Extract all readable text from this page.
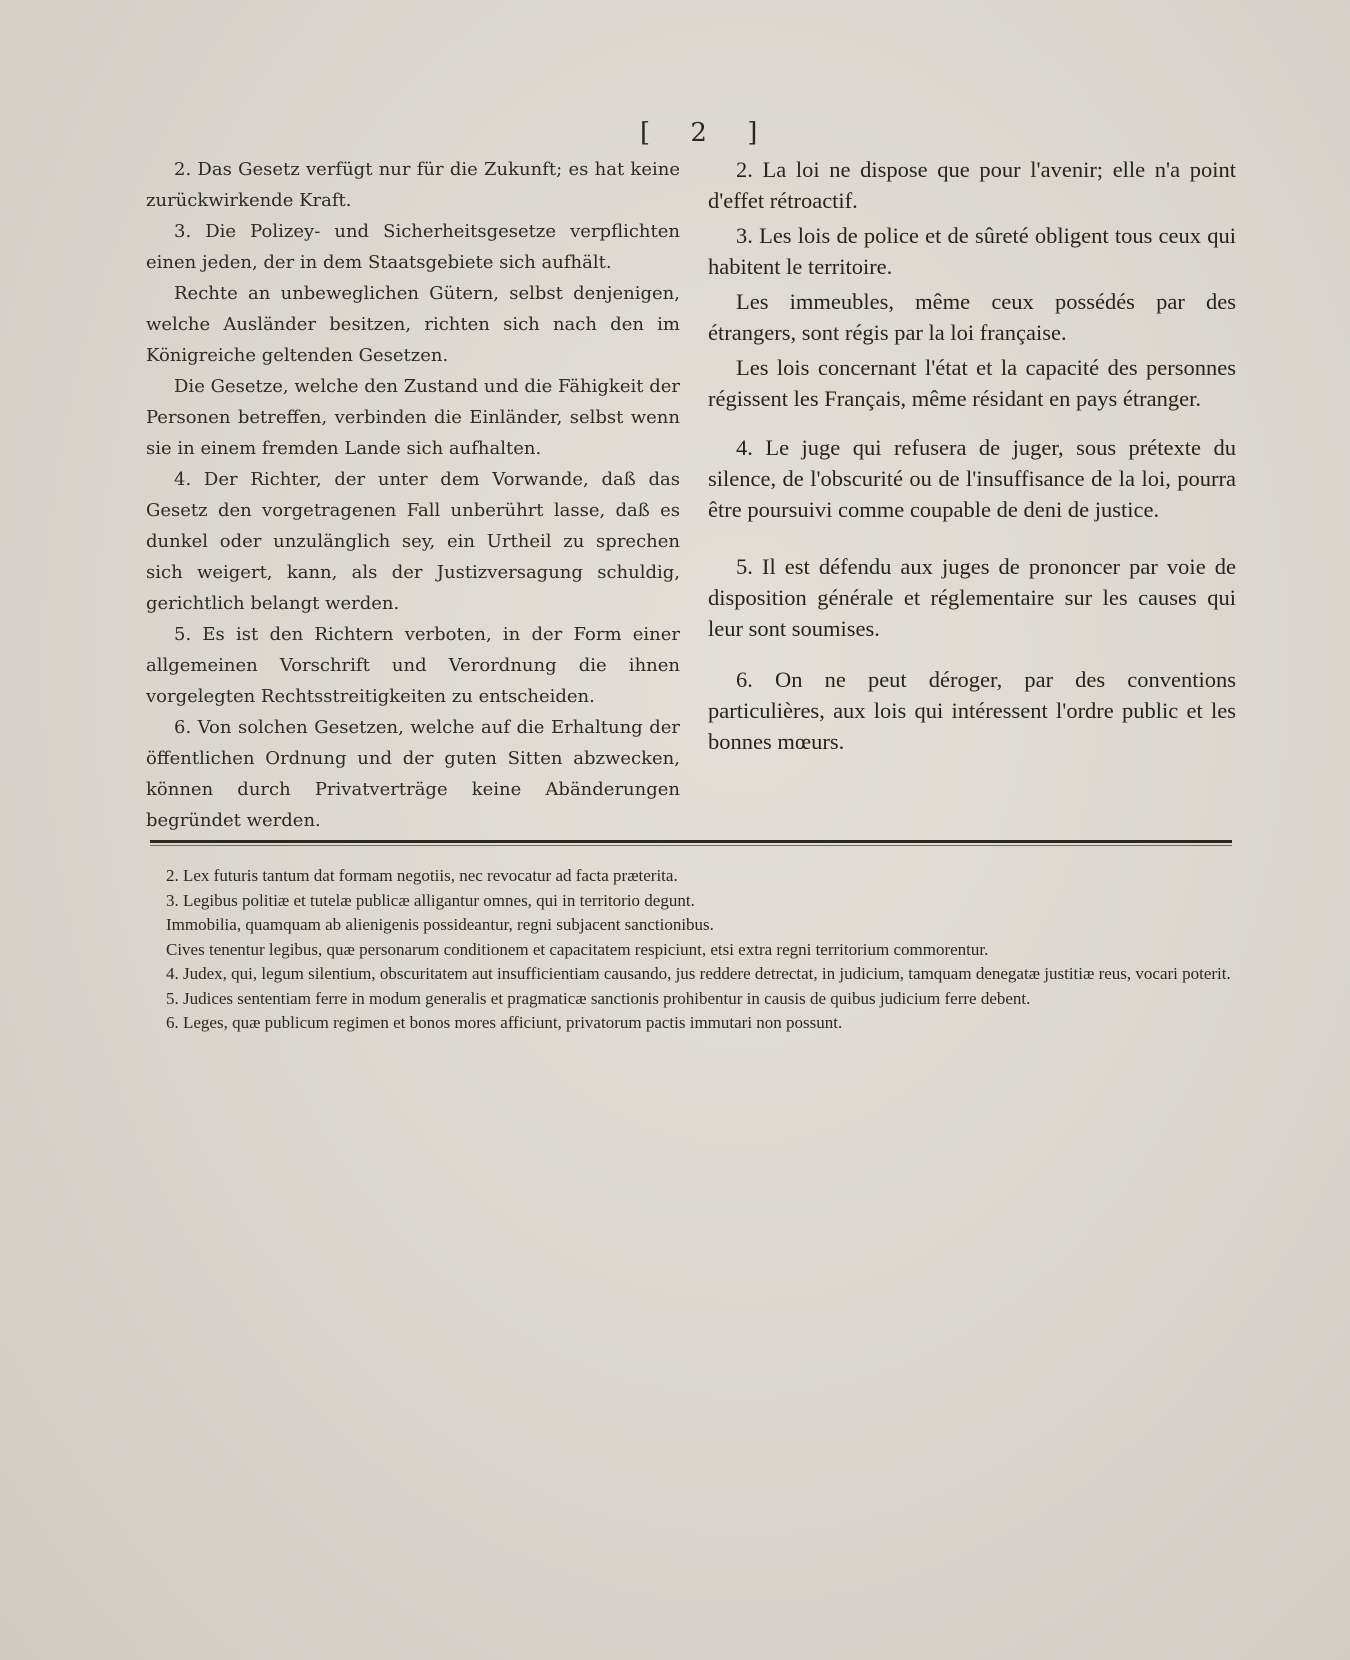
[ 2 ]

2. Das Gesetz verfügt nur für die Zukunft; es hat keine zurückwirkende Kraft.

3. Die Polizey- und Sicherheitsgesetze verpflichten einen jeden, der in dem Staatsgebiete sich aufhält.

Rechte an unbeweglichen Gütern, selbst denjenigen, welche Ausländer besitzen, richten sich nach den im Königreiche geltenden Gesetzen.

Die Gesetze, welche den Zustand und die Fähigkeit der Personen betreffen, verbinden die Einländer, selbst wenn sie in einem fremden Lande sich aufhalten.

4. Der Richter, der unter dem Vorwande, daß das Gesetz den vorgetragenen Fall unberührt lasse, daß es dunkel oder unzulänglich sey, ein Urtheil zu sprechen sich weigert, kann, als der Justizversagung schuldig, gerichtlich belangt werden.

5. Es ist den Richtern verboten, in der Form einer allgemeinen Vorschrift und Verordnung die ihnen vorgelegten Rechtsstreitigkeiten zu entscheiden.

6. Von solchen Gesetzen, welche auf die Erhaltung der öffentlichen Ordnung und der guten Sitten abzwecken, können durch Privatverträge keine Abänderungen begründet werden.

2. La loi ne dispose que pour l'avenir; elle n'a point d'effet rétroactif.

3. Les lois de police et de sûreté obligent tous ceux qui habitent le territoire.

Les immeubles, même ceux possédés par des étrangers, sont régis par la loi française.

Les lois concernant l'état et la capacité des personnes régissent les Français, même résidant en pays étranger.

4. Le juge qui refusera de juger, sous prétexte du silence, de l'obscurité ou de l'insuffisance de la loi, pourra être poursuivi comme coupable de deni de justice.

5. Il est défendu aux juges de prononcer par voie de disposition générale et réglementaire sur les causes qui leur sont soumises.

6. On ne peut déroger, par des conventions particulières, aux lois qui intéressent l'ordre public et les bonnes mœurs.

2. Lex futuris tantum dat formam negotiis, nec revocatur ad facta præterita.

3. Legibus politiæ et tutelæ publicæ alligantur omnes, qui in territorio degunt.

Immobilia, quamquam ab alienigenis possideantur, regni subjacent sanctionibus.

Cives tenentur legibus, quæ personarum conditionem et capacitatem respiciunt, etsi extra regni territorium commorentur.

4. Judex, qui, legum silentium, obscuritatem aut insufficientiam causando, jus reddere detrectat, in judicium, tamquam denegatæ justitiæ reus, vocari poterit.

5. Judices sententiam ferre in modum generalis et pragmaticæ sanctionis prohibentur in causis de quibus judicium ferre debent.

6. Leges, quæ publicum regimen et bonos mores afficiunt, privatorum pactis immutari non possunt.
